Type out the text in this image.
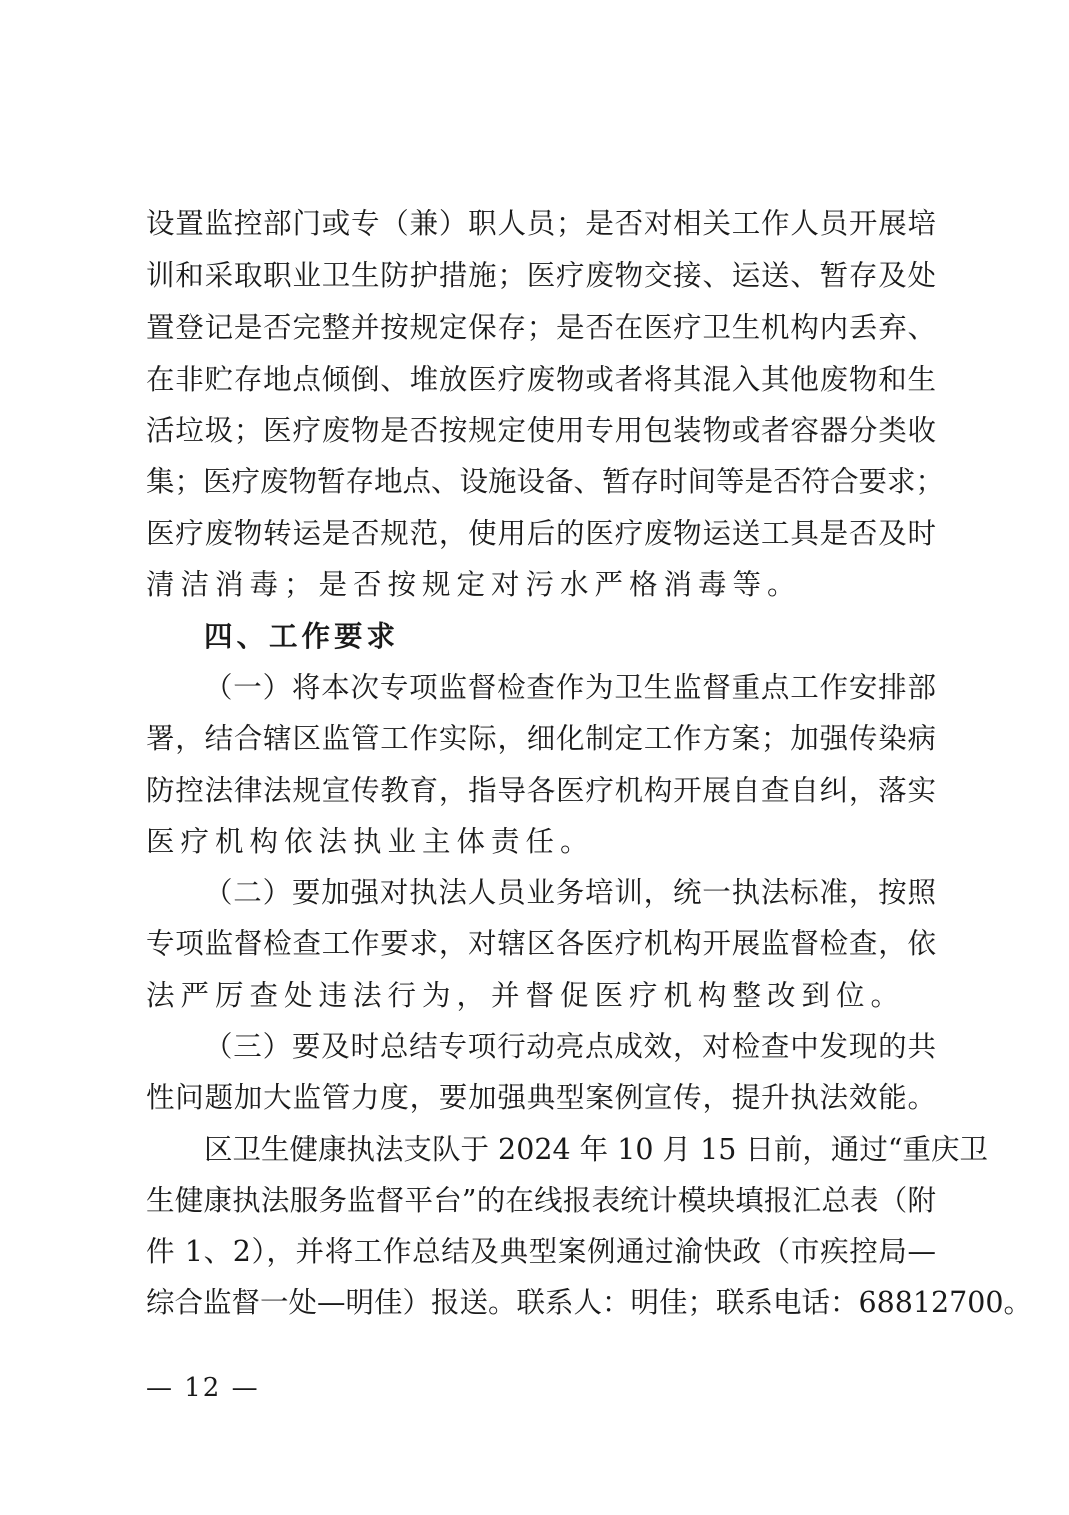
设置监控部门或专（兼）职人员；是否对相关工作人员开展培
训和采取职业卫生防护措施；医疗废物交接、运送、暂存及处
置登记是否完整并按规定保存；是否在医疗卫生机构内丢弃、
在非贮存地点倾倒、堆放医疗废物或者将其混入其他废物和生
活垃圾；医疗废物是否按规定使用专用包装物或者容器分类收
集；医疗废物暂存地点、设施设备、暂存时间等是否符合要求；
医疗废物转运是否规范，使用后的医疗废物运送工具是否及时
清洁消毒；是否按规定对污水严格消毒等。
四、工作要求
（一）将本次专项监督检查作为卫生监督重点工作安排部
署，结合辖区监管工作实际，细化制定工作方案；加强传染病
防控法律法规宣传教育，指导各医疗机构开展自查自纠，落实
医疗机构依法执业主体责任。
（二）要加强对执法人员业务培训，统一执法标准，按照
专项监督检查工作要求，对辖区各医疗机构开展监督检查，依
法严厉查处违法行为，并督促医疗机构整改到位。
（三）要及时总结专项行动亮点成效，对检查中发现的共
性问题加大监管力度，要加强典型案例宣传，提升执法效能。
区卫生健康执法支队于 2024 年 10 月 15 日前，通过“重庆卫
生健康执法服务监督平台”的在线报表统计模块填报汇总表（附
件 1、2），并将工作总结及典型案例通过渝快政（市疾控局—
综合监督一处—明佳）报送。联系人：明佳；联系电话：68812700。
— 12 —
